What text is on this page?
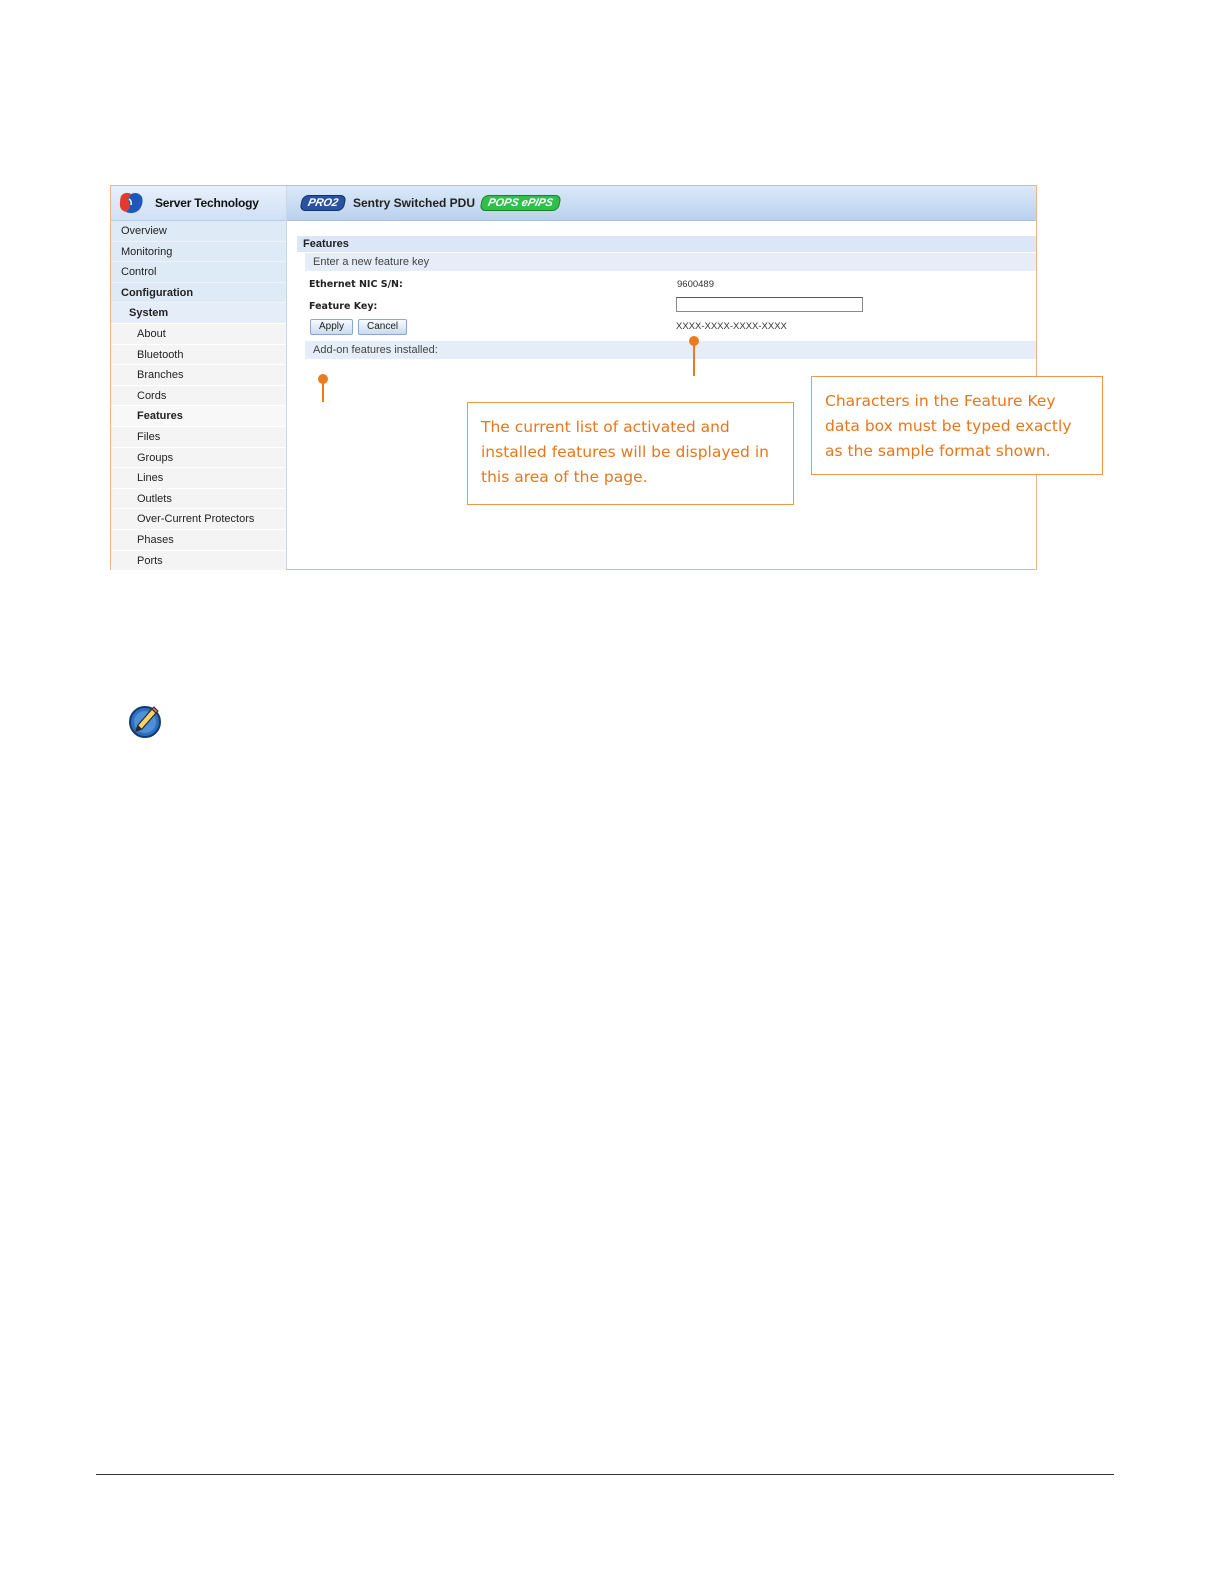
Server Technology
Overview
Monitoring
Control
Configuration
System
About
Bluetooth
Branches
Cords
Features
Files
Groups
Lines
Outlets
Over-Current Protectors
Phases
Ports
PRO2	Sentry Switched PDU	POPS ePIPS
Features
Enter a new feature key
Ethernet NIC S/N:	9600489
Feature Key:
Apply	Cancel	XXXX-XXXX-XXXX-XXXX
Add-on features installed:
The current list of activated and installed features will be displayed in this area of the page.
Characters in the Feature Key data box must be typed exactly as the sample format shown.
